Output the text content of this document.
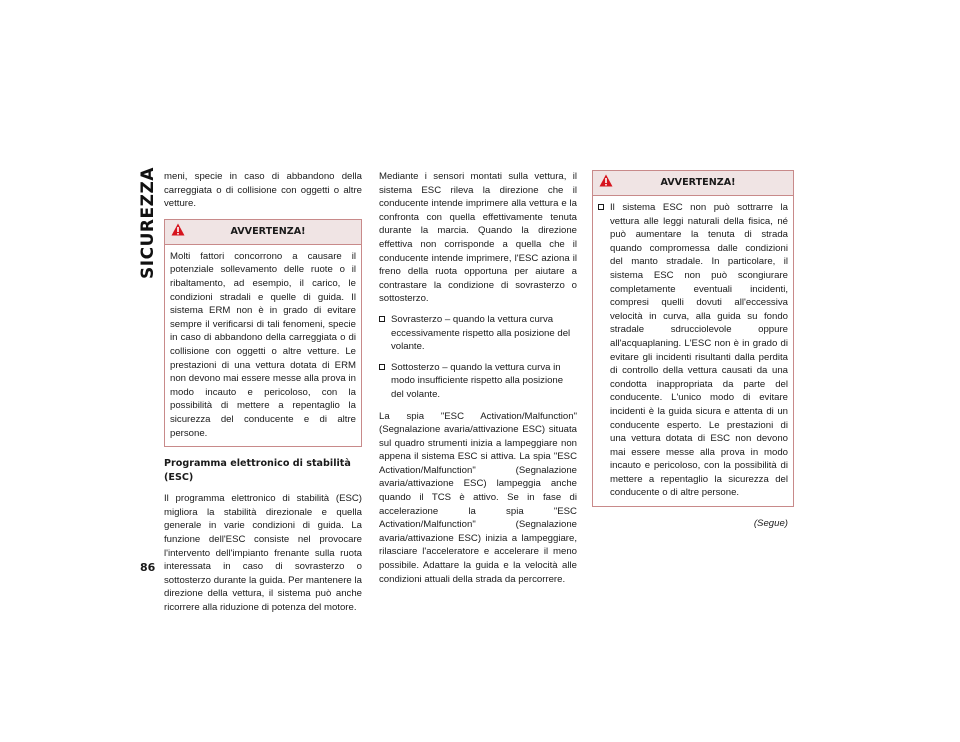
SICUREZZA
86

meni, specie in caso di abbandono della carreggiata o di collisione con oggetti o altre vetture.

AVVERTENZA!

Molti fattori concorrono a causare il potenziale sollevamento delle ruote o il ribaltamento, ad esempio, il carico, le condizioni stradali e quelle di guida. Il sistema ERM non è in grado di evitare sempre il verificarsi di tali fenomeni, specie in caso di abbandono della carreggiata o di collisione con oggetti o altre vetture. Le prestazioni di una vettura dotata di ERM non devono mai essere messe alla prova in modo incauto e pericoloso, con la possibilità di mettere a repentaglio la sicurezza del conducente e di altre persone.

Programma elettronico di stabilità (ESC)

Il programma elettronico di stabilità (ESC) migliora la stabilità direzionale e quella generale in varie condizioni di guida. La funzione dell'ESC consiste nel provocare l'intervento dell'impianto frenante sulla ruota interessata in caso di sovrasterzo o sottosterzo durante la guida. Per mantenere la direzione della vettura, il sistema può anche ricorrere alla riduzione di potenza del motore.

Mediante i sensori montati sulla vettura, il sistema ESC rileva la direzione che il conducente intende imprimere alla vettura e la confronta con quella effettivamente tenuta durante la marcia. Quando la direzione effettiva non corrisponde a quella che il conducente intende imprimere, l'ESC aziona il freno della ruota opportuna per aiutare a contrastare la condizione di sovrasterzo o sottosterzo.

Sovrasterzo – quando la vettura curva eccessivamente rispetto alla posizione del volante.
Sottosterzo – quando la vettura curva in modo insufficiente rispetto alla posizione del volante.

La spia "ESC Activation/Malfunction" (Segnalazione avaria/attivazione ESC) situata sul quadro strumenti inizia a lampeggiare non appena il sistema ESC si attiva. La spia "ESC Activation/Malfunction" (Segnalazione avaria/attivazione ESC) lampeggia anche quando il TCS è attivo. Se in fase di accelerazione la spia "ESC Activation/Malfunction" (Segnalazione avaria/attivazione ESC) inizia a lampeggiare, rilasciare l'acceleratore e accelerare il meno possibile. Adattare la guida e la velocità alle condizioni attuali della strada da percorrere.

AVVERTENZA!
Il sistema ESC non può sottrarre la vettura alle leggi naturali della fisica, né può aumentare la tenuta di strada quando compromessa dalle condizioni del manto stradale. In particolare, il sistema ESC non può scongiurare completamente eventuali incidenti, compresi quelli dovuti all'eccessiva velocità in curva, alla guida su fondo stradale sdrucciolevole oppure all'acquaplaning. L'ESC non è in grado di evitare gli incidenti risultanti dalla perdita di controllo della vettura causati da una condotta inappropriata da parte del conducente. L'unico modo di evitare incidenti è la guida sicura e attenta di un conducente esperto. Le prestazioni di una vettura dotata di ESC non devono mai essere messe alla prova in modo incauto e pericoloso, con la possibilità di mettere a repentaglio la sicurezza del conducente o di altre persone.
(Segue)
